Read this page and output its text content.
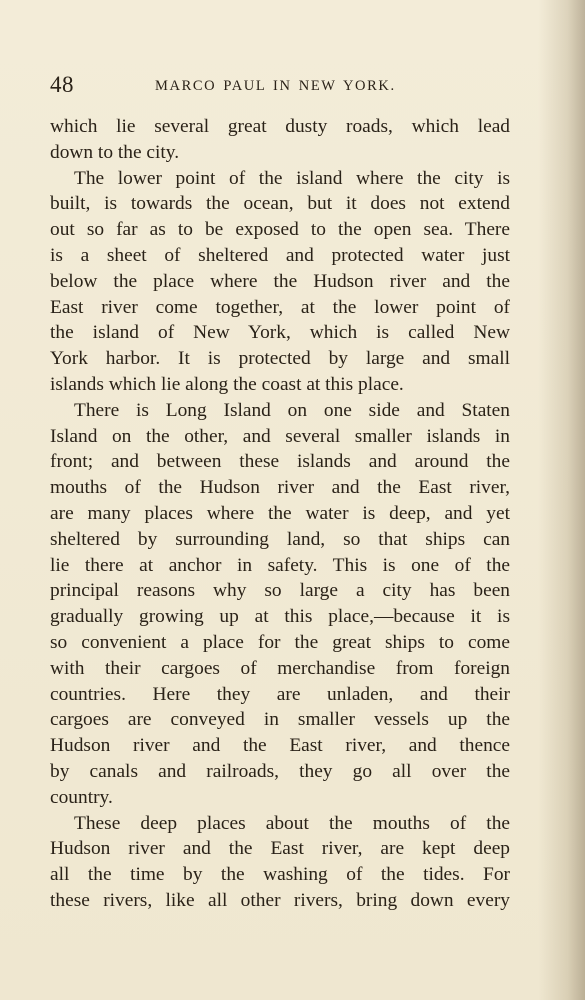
48	MARCO PAUL IN NEW YORK.
which lie several great dusty roads, which lead
down to the city.
The lower point of the island where the city is
built, is towards the ocean, but it does not extend
out so far as to be exposed to the open sea. There
is a sheet of sheltered and protected water just
below the place where the Hudson river and the
East river come together, at the lower point of
the island of New York, which is called New
York harbor. It is protected by large and small
islands which lie along the coast at this place.
There is Long Island on one side and Staten
Island on the other, and several smaller islands in
front; and between these islands and around the
mouths of the Hudson river and the East river,
are many places where the water is deep, and yet
sheltered by surrounding land, so that ships can
lie there at anchor in safety. This is one of the
principal reasons why so large a city has been
gradually growing up at this place,—because it is
so convenient a place for the great ships to come
with their cargoes of merchandise from foreign
countries. Here they are unladen, and their
cargoes are conveyed in smaller vessels up the
Hudson river and the East river, and thence
by canals and railroads, they go all over the
country.
These deep places about the mouths of the
Hudson river and the East river, are kept deep
all the time by the washing of the tides. For
these rivers, like all other rivers, bring down every
